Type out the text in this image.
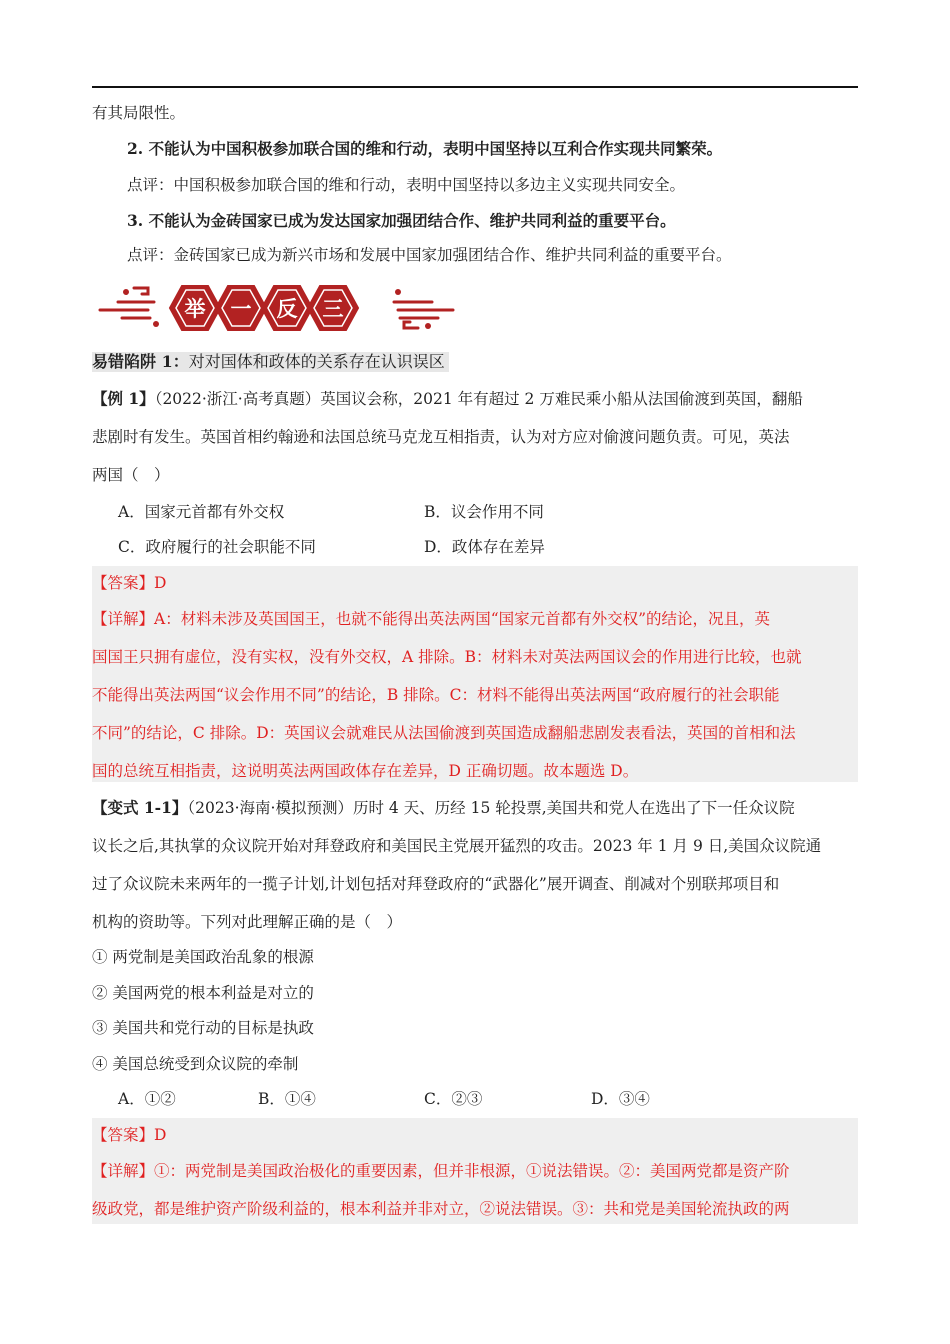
有其局限性。
2. 不能认为中国积极参加联合国的维和行动，表明中国坚持以互利合作实现共同繁荣。
点评：中国积极参加联合国的维和行动，表明中国坚持以多边主义实现共同安全。
3. 不能认为金砖国家已成为发达国家加强团结合作、维护共同利益的重要平台。
点评：金砖国家已成为新兴市场和发展中国家加强团结合作、维护共同利益的重要平台。
举 一 反 三
易错陷阱 1：对对国体和政体的关系存在认识误区
【例 1】（2022·浙江·高考真题）英国议会称，2021 年有超过 2 万难民乘小船从法国偷渡到英国，翻船
悲剧时有发生。英国首相约翰逊和法国总统马克龙互相指责，认为对方应对偷渡问题负责。可见，英法
两国（　）
A．国家元首都有外交权	B．议会作用不同
C．政府履行的社会职能不同	D．政体存在差异
【答案】D
【详解】A：材料未涉及英国国王，也就不能得出英法两国“国家元首都有外交权”的结论，况且，英
国国王只拥有虚位，没有实权，没有外交权，A 排除。B：材料未对英法两国议会的作用进行比较，也就
不能得出英法两国“议会作用不同”的结论，B 排除。C：材料不能得出英法两国“政府履行的社会职能
不同”的结论，C 排除。D：英国议会就难民从法国偷渡到英国造成翻船悲剧发表看法，英国的首相和法
国的总统互相指责，这说明英法两国政体存在差异，D 正确切题。故本题选 D。
【变式 1-1】（2023·海南·模拟预测）历时 4 天、历经 15 轮投票,美国共和党人在选出了下一任众议院
议长之后,其执掌的众议院开始对拜登政府和美国民主党展开猛烈的攻击。2023 年 1 月 9 日,美国众议院通
过了众议院未来两年的一揽子计划,计划包括对拜登政府的“武器化”展开调查、削减对个别联邦项目和
机构的资助等。下列对此理解正确的是（　）
① 两党制是美国政治乱象的根源
② 美国两党的根本利益是对立的
③ 美国共和党行动的目标是执政
④ 美国总统受到众议院的牵制
A．①②	B．①④	C．②③	D．③④
【答案】D
【详解】①：两党制是美国政治极化的重要因素，但并非根源，①说法错误。②：美国两党都是资产阶
级政党，都是维护资产阶级利益的，根本利益并非对立，②说法错误。③：共和党是美国轮流执政的两
